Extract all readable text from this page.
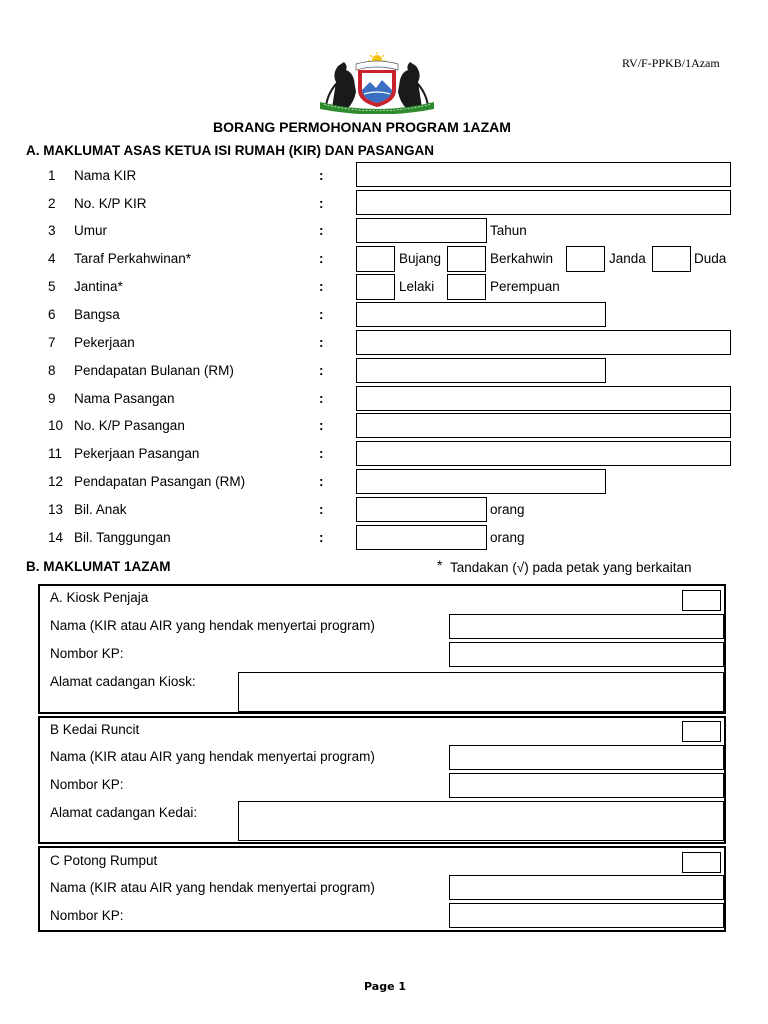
RV/F-PPKB/1Azam
BORANG PERMOHONAN PROGRAM 1AZAM
A. MAKLUMAT ASAS KETUA ISI RUMAH (KIR) DAN PASANGAN
1 Nama KIR	:
2 No. K/P KIR	:
3 Umur	:	Tahun
4 Taraf Perkahwinan*	:	Bujang	Berkahwin	Janda	Duda
5 Jantina*	:	Lelaki	Perempuan
6 Bangsa	:
7 Pekerjaan	:
8 Pendapatan Bulanan (RM)	:
9 Nama Pasangan	:
10 No. K/P Pasangan	:
11 Pekerjaan Pasangan	:
12 Pendapatan Pasangan (RM)	:
13 Bil. Anak	:	orang
14 Bil. Tanggungan	:	orang
B. MAKLUMAT 1AZAM	* Tandakan (√) pada petak yang berkaitan
A. Kiosk Penjaja
Nama (KIR atau AIR yang hendak menyertai program)
Nombor KP:
Alamat cadangan Kiosk:
B Kedai Runcit
Nama (KIR atau AIR yang hendak menyertai program)
Nombor KP:
Alamat cadangan Kedai:
C Potong Rumput
Nama (KIR atau AIR yang hendak menyertai program)
Nombor KP:
Page 1
